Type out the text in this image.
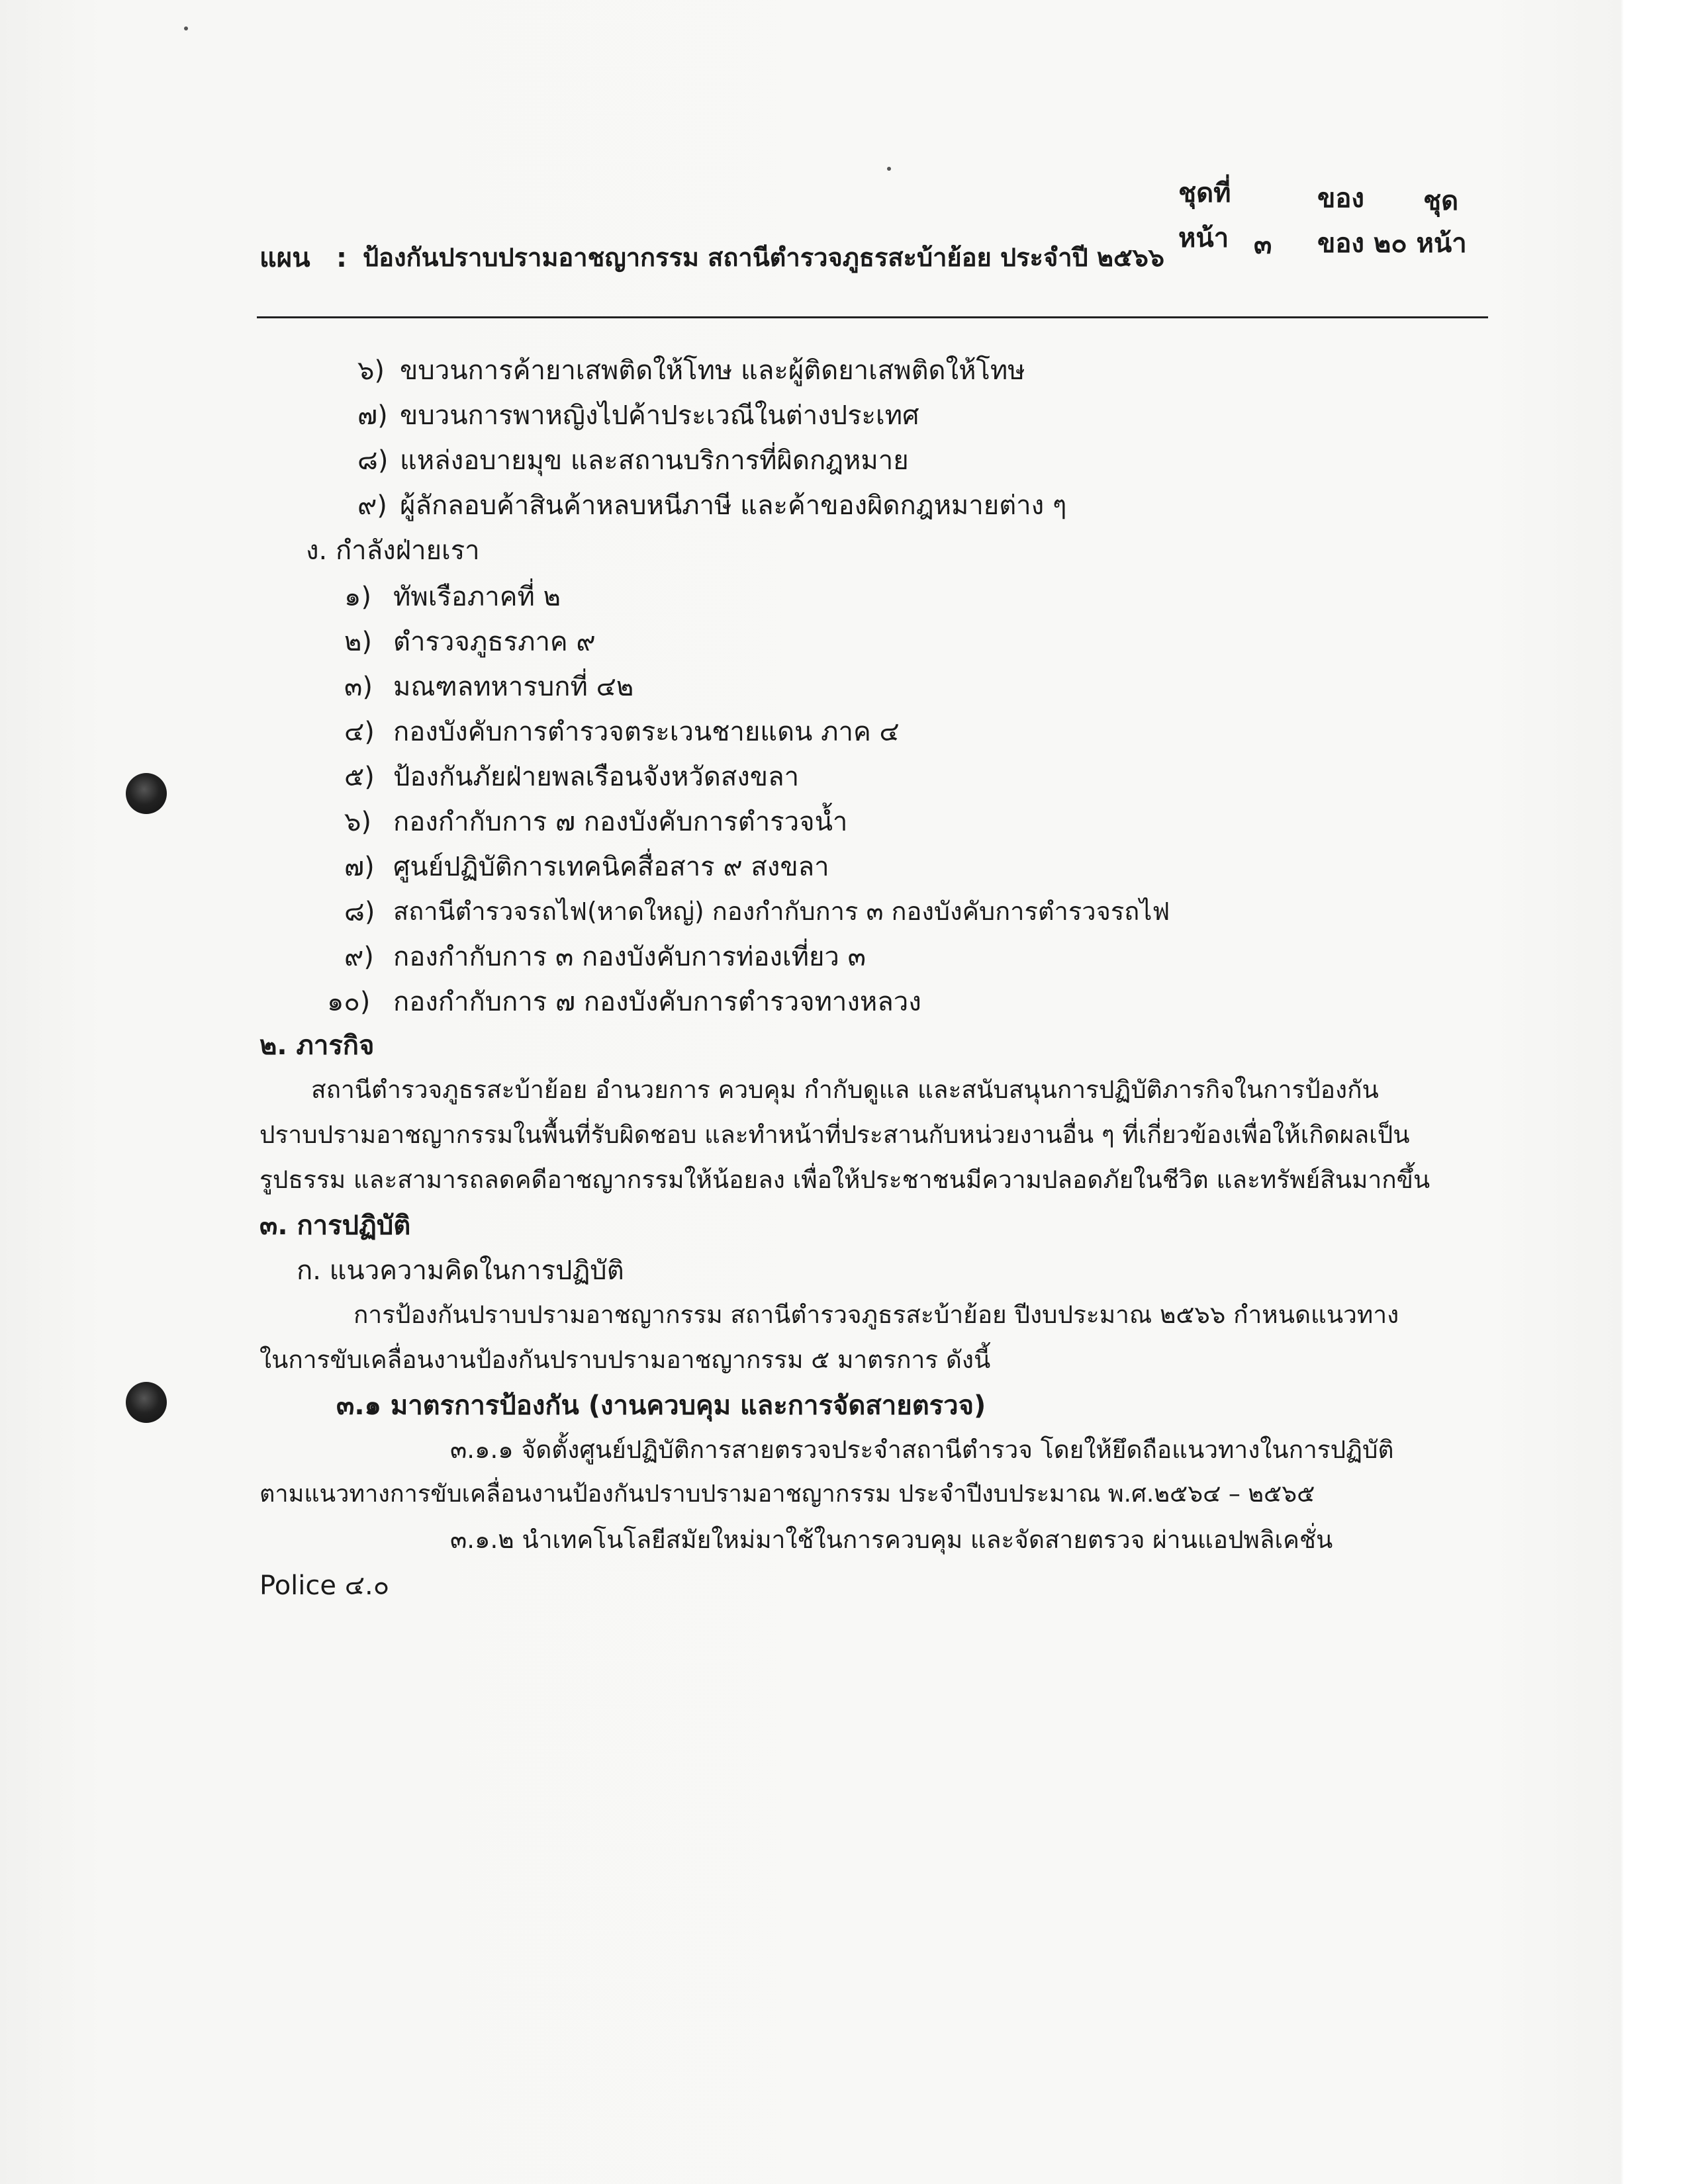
ชุดที่	ของ ชุด
หน้า ๓ ของ ๒๐ หน้า
แผน : ป้องกันปราบปรามอาชญากรรม สถานีตำรวจภูธรสะบ้าย้อย ประจำปี ๒๕๖๖
๖) ขบวนการค้ายาเสพติดให้โทษ และผู้ติดยาเสพติดให้โทษ
๗) ขบวนการพาหญิงไปค้าประเวณีในต่างประเทศ
๘) แหล่งอบายมุข และสถานบริการที่ผิดกฎหมาย
๙) ผู้ลักลอบค้าสินค้าหลบหนีภาษี และค้าของผิดกฎหมายต่าง ๆ
ง. กำลังฝ่ายเรา
๑) ทัพเรือภาคที่ ๒
๒) ตำรวจภูธรภาค ๙
๓) มณฑลทหารบกที่ ๔๒
๔) กองบังคับการตำรวจตระเวนชายแดน ภาค ๔
๕) ป้องกันภัยฝ่ายพลเรือนจังหวัดสงขลา
๖) กองกำกับการ ๗ กองบังคับการตำรวจน้ำ
๗) ศูนย์ปฏิบัติการเทคนิคสื่อสาร ๙ สงขลา
๘) สถานีตำรวจรถไฟ(หาดใหญ่) กองกำกับการ ๓ กองบังคับการตำรวจรถไฟ
๙) กองกำกับการ ๓ กองบังคับการท่องเที่ยว ๓
๑๐) กองกำกับการ ๗ กองบังคับการตำรวจทางหลวง
๒. ภารกิจ
สถานีตำรวจภูธรสะบ้าย้อย อำนวยการ ควบคุม กำกับดูแล และสนับสนุนการปฏิบัติภารกิจในการป้องกัน
ปราบปรามอาชญากรรมในพื้นที่รับผิดชอบ และทำหน้าที่ประสานกับหน่วยงานอื่น ๆ ที่เกี่ยวข้องเพื่อให้เกิดผลเป็น
รูปธรรม และสามารถลดคดีอาชญากรรมให้น้อยลง เพื่อให้ประชาชนมีความปลอดภัยในชีวิต และทรัพย์สินมากขึ้น
๓. การปฏิบัติ
ก. แนวความคิดในการปฏิบัติ
การป้องกันปราบปรามอาชญากรรม สถานีตำรวจภูธรสะบ้าย้อย ปีงบประมาณ ๒๕๖๖ กำหนดแนวทาง
ในการขับเคลื่อนงานป้องกันปราบปรามอาชญากรรม ๕ มาตรการ ดังนี้
๓.๑ มาตรการป้องกัน (งานควบคุม และการจัดสายตรวจ)
๓.๑.๑ จัดตั้งศูนย์ปฏิบัติการสายตรวจประจำสถานีตำรวจ โดยให้ยึดถือแนวทางในการปฏิบัติ
ตามแนวทางการขับเคลื่อนงานป้องกันปราบปรามอาชญากรรม ประจำปีงบประมาณ พ.ศ.๒๕๖๔ – ๒๕๖๕
๓.๑.๒ นำเทคโนโลยีสมัยใหม่มาใช้ในการควบคุม และจัดสายตรวจ ผ่านแอปพลิเคชั่น
Police ๔.๐
